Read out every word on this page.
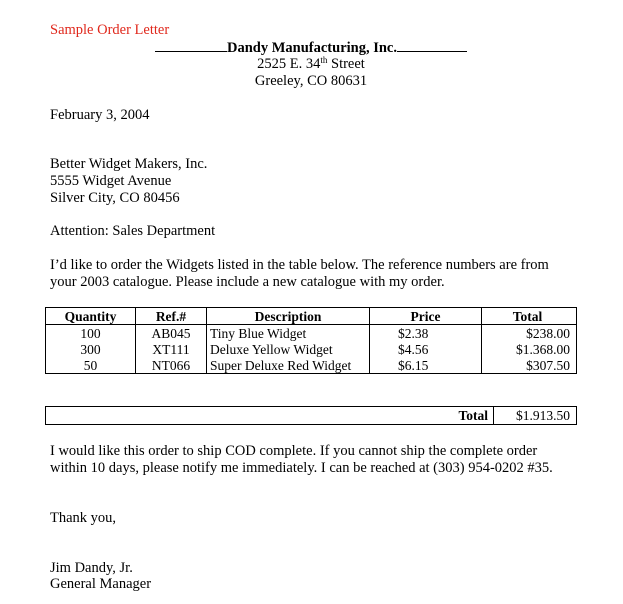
Sample Order Letter
Dandy Manufacturing, Inc.
2525 E. 34th Street
Greeley, CO 80631
February 3, 2004
Better Widget Makers, Inc.
5555 Widget Avenue
Silver City, CO 80456
Attention: Sales Department
I’d like to order the Widgets listed in the table below. The reference numbers are from
your 2003 catalogue. Please include a new catalogue with my order.
Quantity	Ref.#	Description	Price	Total
100	AB045	Tiny Blue Widget	$2.38	$238.00
300	XT111	Deluxe Yellow Widget	$4.56	$1.368.00
50	NT066	Super Deluxe Red Widget	$6.15	$307.50
Total $1.913.50
I would like this order to ship COD complete. If you cannot ship the complete order
within 10 days, please notify me immediately. I can be reached at (303) 954-0202 #35.
Thank you,
Jim Dandy, Jr.
General Manager
